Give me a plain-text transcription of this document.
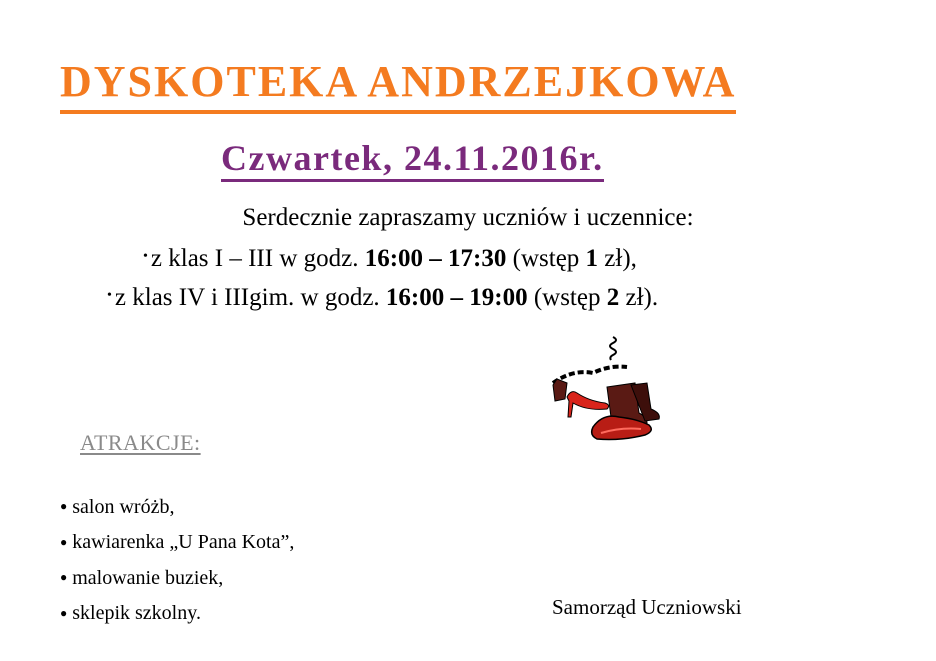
DYSKOTEKA ANDRZEJKOWA
Czwartek, 24.11.2016r.
Serdecznie zapraszamy uczniów i uczennice:
• z klas I – III w godz. 16:00 – 17:30 (wstęp 1 zł),
• z klas IV i IIIgim. w godz. 16:00 – 19:00 (wstęp 2 zł).
ATRAKCJE:
● salon wróżb,
● kawiarenka „U Pana Kota”,
● malowanie buziek,
● sklepik szkolny.	Samorząd Uczniowski
